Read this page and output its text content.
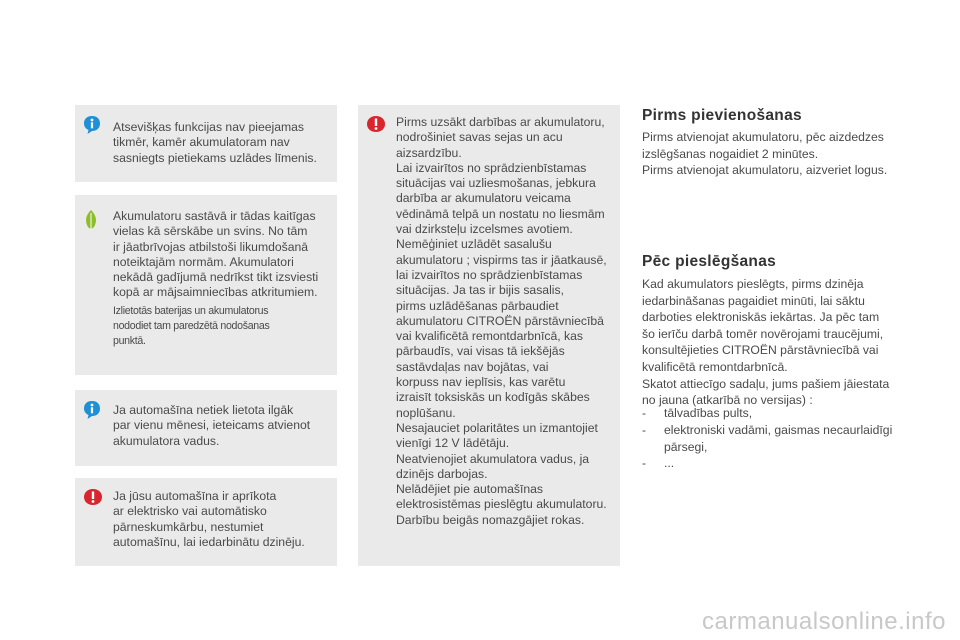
Atsevišķas funkcijas nav pieejamas
tikmēr, kamēr akumulatoram nav
sasniegts pietiekams uzlādes līmenis.
Akumulatoru sastāvā ir tādas kaitīgas
vielas kā sērskābe un svins. No tām
ir jāatbrīvojas atbilstoši likumdošanā
noteiktajām normām. Akumulatori
nekādā gadījumā nedrīkst tikt izsviesti
kopā ar mājsaimniecības atkritumiem.
Izlietotās baterijas un akumulatorus
nododiet tam paredzētā nodošanas
punktā.
Ja automašīna netiek lietota ilgāk
par vienu mēnesi, ieteicams atvienot
akumulatora vadus.
Ja jūsu automašīna ir aprīkota
ar elektrisko vai automātisko
pārneskumkārbu, nestumiet
automašīnu, lai iedarbinātu dzinēju.
Pirms uzsākt darbības ar akumulatoru,
nodrošiniet savas sejas un acu
aizsardzību.
Lai izvairītos no sprādzienbīstamas
situācijas vai uzliesmošanas, jebkura
darbība ar akumulatoru veicama
vēdināmā telpā un nostatu no liesmām
vai dzirksteļu izcelsmes avotiem.
Nemēģiniet uzlādēt sasalušu
akumulatoru ; vispirms tas ir jāatkausē,
lai izvairītos no sprādzienbīstamas
situācijas. Ja tas ir bijis sasalis,
pirms uzlādēšanas pārbaudiet
akumulatoru CITROËN pārstāvniecībā
vai kvalificētā remontdarbnīcā, kas
pārbaudīs, vai visas tā iekšējās
sastāvdaļas nav bojātas, vai
korpuss nav ieplīsis, kas varētu
izraisīt toksiskās un kodīgās skābes
noplūšanu.
Nesajauciet polaritātes un izmantojiet
vienīgi 12 V lādētāju.
Neatvienojiet akumulatora vadus, ja
dzinējs darbojas.
Nelādējiet pie automašīnas
elektrosistēmas pieslēgtu akumulatoru.
Darbību beigās nomazgājiet rokas.
Pirms pievienošanas
Pirms atvienojat akumulatoru, pēc aizdedzes
izslēgšanas nogaidiet 2 minūtes.
Pirms atvienojat akumulatoru, aizveriet logus.
Pēc pieslēgšanas
Kad akumulators pieslēgts, pirms dzinēja
iedarbināšanas pagaidiet minūti, lai sāktu
darboties elektroniskās iekārtas. Ja pēc tam
šo ierīču darbā tomēr novērojami traucējumi,
konsultējieties CITROËN pārstāvniecībā vai
kvalificētā remontdarbnīcā.
Skatot attiecīgo sadaļu, jums pašiem jāiestata
no jauna (atkarībā no versijas) :
- tālvadības pults,
- elektroniski vadāmi, gaismas necaurlaidīgi
pārsegi,
- ...
carmanualsonline.info
